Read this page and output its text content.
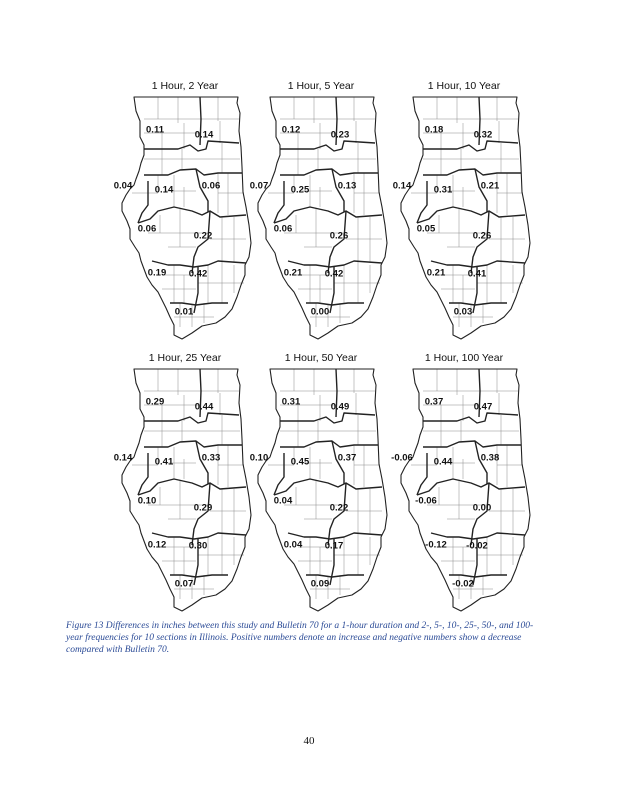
1 Hour, 2 Year
0.11	0.14
0.04 0.14	0.06
0.06
0.22
0.19 0.42
0.01
1 Hour, 5 Year
0.12	0.23
0.07 0.25	0.13
0.06
0.26
0.21 0.42
0.00
1 Hour, 10 Year
0.18	0.32
0.14 0.31	0.21
0.05
0.26
0.21 0.41
0.03
1 Hour, 25 Year
0.29	0.44
0.14 0.41	0.33
0.10
0.29
0.12 0.30
0.07
1 Hour, 50 Year
0.31	0.49
0.10 0.45	0.37
0.04
0.22
0.04 0.17
0.09
1 Hour, 100 Year
0.37	0.47
-0.06 0.44	0.38
-0.06
0.00
-0.12 -0.02
-0.02
Figure 13 Differences in inches between this study and Bulletin 70 for a 1-hour duration and 2-, 5-, 10-, 25-, 50-, and 100-year frequencies for 10 sections in Illinois. Positive numbers denote an increase and negative numbers show a decrease compared with Bulletin 70.
40
